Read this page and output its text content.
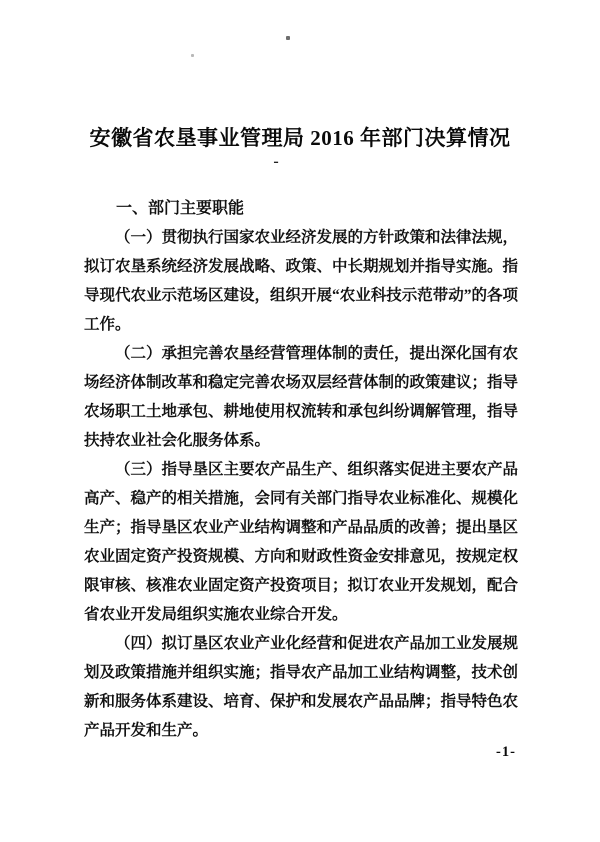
安徽省农垦事业管理局 2016 年部门决算情况
-

一、部门主要职能

（一）贯彻执行国家农业经济发展的方针政策和法律法规，拟订农垦系统经济发展战略、政策、中长期规划并指导实施。指导现代农业示范场区建设，组织开展“农业科技示范带动”的各项工作。

（二）承担完善农垦经营管理体制的责任，提出深化国有农场经济体制改革和稳定完善农场双层经营体制的政策建议；指导农场职工土地承包、耕地使用权流转和承包纠纷调解管理，指导扶持农业社会化服务体系。

（三）指导垦区主要农产品生产、组织落实促进主要农产品高产、稳产的相关措施，会同有关部门指导农业标准化、规模化生产；指导垦区农业产业结构调整和产品品质的改善；提出垦区农业固定资产投资规模、方向和财政性资金安排意见，按规定权限审核、核准农业固定资产投资项目；拟订农业开发规划，配合省农业开发局组织实施农业综合开发。

（四）拟订垦区农业产业化经营和促进农产品加工业发展规划及政策措施并组织实施；指导农产品加工业结构调整，技术创新和服务体系建设、培育、保护和发展农产品品牌；指导特色农产品开发和生产。

-1-
